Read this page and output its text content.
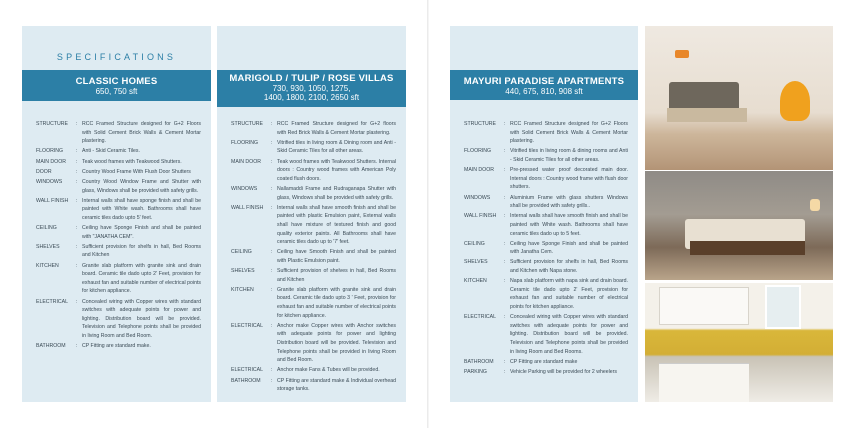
SPECIFICATIONS
CLASSIC HOMES
650, 750 sft
STRUCTURE	: RCC Framed Structure designed for G+2 Floors with Solid Cement Brick Walls & Cement Mortar plastering.
FLOORING	: Anti - Skid Ceramic Tiles.
MAIN DOOR	: Teak wood frames with Teakwood Shutters.
DOOR	: Country Wood Frame With Flush Door Shutters
WINDOWS	: Country Wood Window Frame and Shutter with glass, Windows shall be provided with safety grills.
WALL FINISH	: Internal walls shall have sponge finish and shall be painted with White wash. Bathrooms shall have ceramic tiles dado upto 5' feet.
CEILING	: Ceiling have Sponge Finish and shall be painted with "JANATHA CEM".
SHELVES	: Sufficient provision for shelfs in hall, Bed Rooms and Kitchen
KITCHEN	: Granite slab platform with granite sink and drain board. Ceramic tile dado upto 2' Feet, provision for exhaust fan and suitable number of electrical points for kitchen appliance.
ELECTRICAL	: Concealed wiring with Copper wires with standard switches with adequate points for power and lighting. Distribution board will be provided. Television and Telephone points shall be provided in living Room and Bed Room.
BATHROOM	: CP Fitting are standard make.
MARIGOLD / TULIP / ROSE VILLAS
730, 930, 1050, 1275,
1400, 1800, 2100, 2650 sft
STRUCTURE	: RCC Framed Structure designed for G+2 floors with Red Brick Walls & Cement Mortar plastering.
FLOORING	: Vitrified tiles in living room & Dining room and Anti - Skid Ceramic Tiles for all other areas.
MAIN DOOR	: Teak wood frames with Teakwood Shutters. Internal doors : Country wood frames with American Poly coated flush doors.
WINDOWS	: Nallamaddi Frame and Rudraganapa Shutter with glass, Windows shall be provided with safety grills.
WALL FINISH	: Internal walls shall have smooth finish and shall be painted with plastic Emulsion paint, External walls shall have mixture of textured finish and good quality exterior paints. All Bathrooms shall have ceramic tiles dado up to '7' feet.
CEILING	: Ceiling have Smooth Finish and shall be painted with Plastic Emulsion paint.
SHELVES	: Sufficient provision of shelves in hall, Bed Rooms and Kitchen
KITCHEN	: Granite slab platform with granite sink and drain board. Ceramic tile dado upto 3 ' Feet, provision for exhaust fan and suitable number of electrical points for kitchen appliance.
ELECTRICAL	: Anchor make Copper wires with Anchor switches with adequate points for power and lighting Distribution board will be provided. Television and Telephone points shall be provided in living Room and Bed Room.
ELECTRICAL	: Anchor make Fans & Tubes will be provided.
BATHROOM	: CP Fitting are standard make & Individual overhead storage tanks.
MAYURI PARADISE APARTMENTS
440, 675, 810, 908 sft
STRUCTURE	: RCC Framed Structure designed for G+2 Floors with Solid Cement Brick Walls & Cement Mortar plastering.
FLOORING	: Vitrified tiles in living room & dining rooms and Anti - Skid Ceramic Tiles for all other areas.
MAIN DOOR	: Pre-pressed water proof decorated main door. Internal doors : Country wood frame with flush door shutters.
WINDOWS	: Aluminium Frame with glass shutters Windows shall be provided with safety grills..
WALL FINISH	: Internal walls shall have smooth finish and shall be painted with White wash. Bathrooms shall have ceramic tiles dado up to 5 feet.
CEILING	: Ceiling have Sponge Finish and shall be painted with Janatha Cem.
SHELVES	: Sufficient provision for shelfs in hall, Bed Rooms and Kitchen with Napa stone.
KITCHEN	: Napa slab platform with napa sink and drain board. Ceramic tile dado upto 2' Feet, provision for exhaust fan and suitable number of electrical points for kitchen appliance.
ELECTRICAL	: Concealed wiring with Copper wires with standard switches with adequate points for power and lighting. Distribution board will be provided. Television and Telephone points shall be provided in living Room and Bed Rooms.
BATHROOM	: CP Fitting are standard make
PARKING	: Vehicle Parking will be provided for 2 wheelers
